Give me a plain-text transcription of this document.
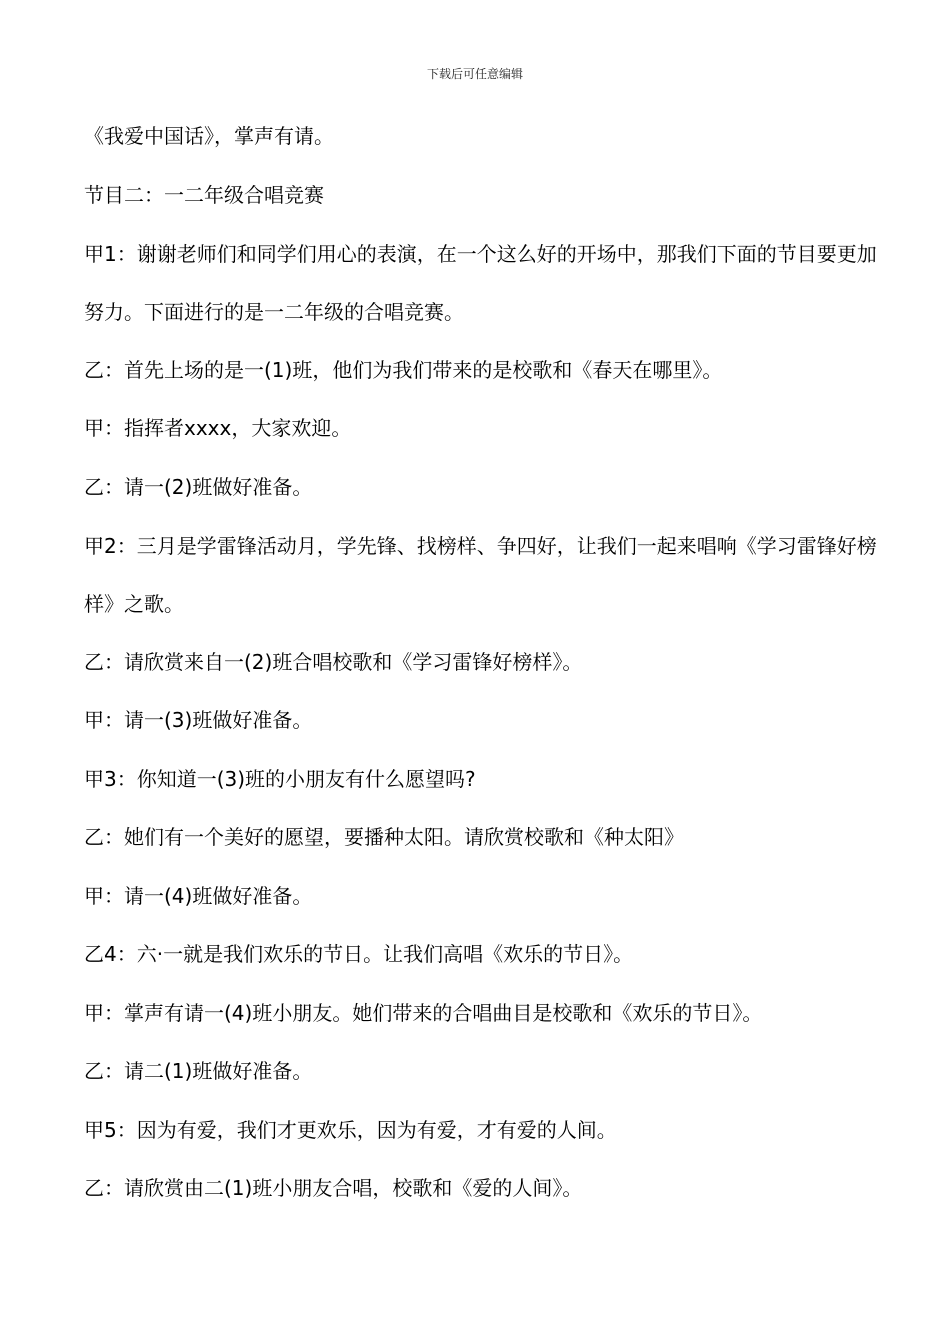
下载后可任意编辑

《我爱中国话》，掌声有请。

节目二：一二年级合唱竞赛

甲1：谢谢老师们和同学们用心的表演，在一个这么好的开场中，那我们下面的节目要更加努力。下面进行的是一二年级的合唱竞赛。

乙：首先上场的是一(1)班，他们为我们带来的是校歌和《春天在哪里》。

甲：指挥者xxxx，大家欢迎。

乙：请一(2)班做好准备。

甲2：三月是学雷锋活动月，学先锋、找榜样、争四好，让我们一起来唱响《学习雷锋好榜样》之歌。

乙：请欣赏来自一(2)班合唱校歌和《学习雷锋好榜样》。

甲：请一(3)班做好准备。

甲3：你知道一(3)班的小朋友有什么愿望吗?

乙：她们有一个美好的愿望，要播种太阳。请欣赏校歌和《种太阳》

甲：请一(4)班做好准备。

乙4：六·一就是我们欢乐的节日。让我们高唱《欢乐的节日》。

甲：掌声有请一(4)班小朋友。她们带来的合唱曲目是校歌和《欢乐的节日》。

乙：请二(1)班做好准备。

甲5：因为有爱，我们才更欢乐，因为有爱，才有爱的人间。

乙：请欣赏由二(1)班小朋友合唱，校歌和《爱的人间》。
